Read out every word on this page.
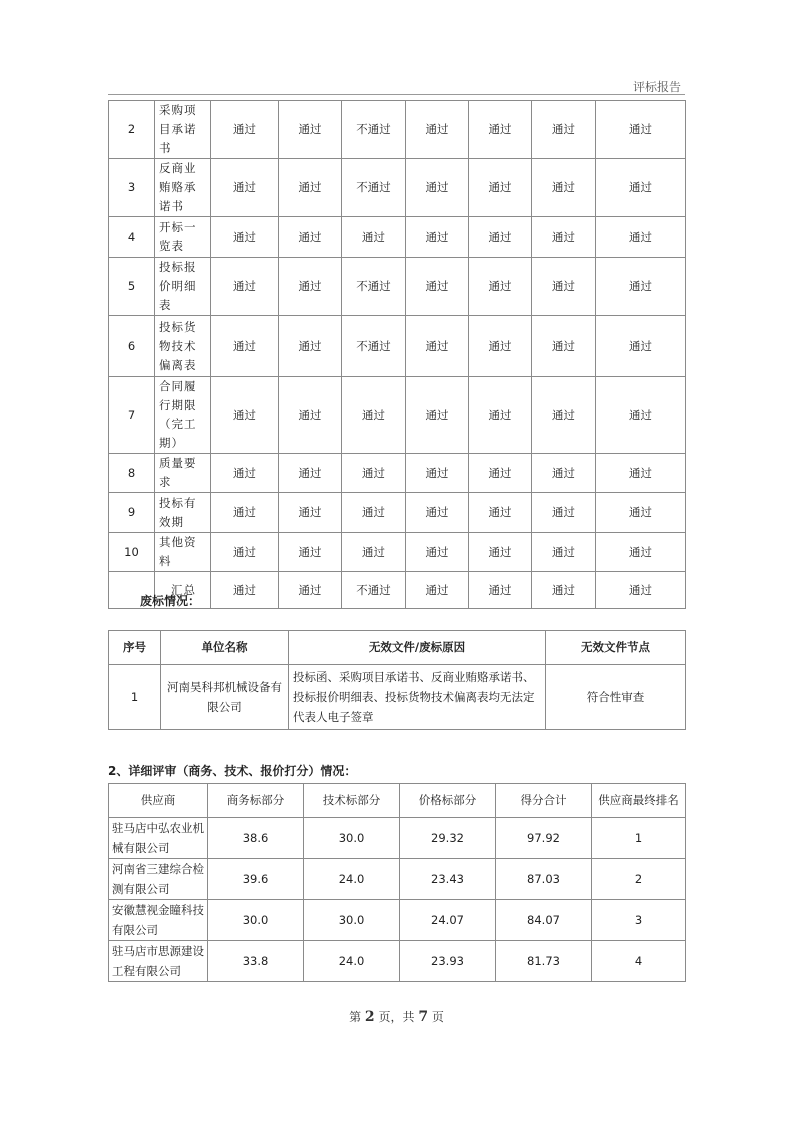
评标报告
2	采购项目承诺书	通过	通过	不通过	通过	通过	通过	通过
3	反商业贿赂承诺书	通过	通过	不通过	通过	通过	通过	通过
4	开标一览表	通过	通过	通过	通过	通过	通过	通过
5	投标报价明细表	通过	通过	不通过	通过	通过	通过	通过
6	投标货物技术偏离表	通过	通过	不通过	通过	通过	通过	通过
7	合同履行期限（完工期）	通过	通过	通过	通过	通过	通过	通过
8	质量要求	通过	通过	通过	通过	通过	通过	通过
9	投标有效期	通过	通过	通过	通过	通过	通过	通过
10	其他资料	通过	通过	通过	通过	通过	通过	通过
	汇总	通过	通过	不通过	通过	通过	通过	通过
废标情况：
序号	单位名称	无效文件/废标原因	无效文件节点
1	河南昊科邦机械设备有限公司	投标函、采购项目承诺书、反商业贿赂承诺书、投标报价明细表、投标货物技术偏离表均无法定代表人电子签章	符合性审查
2、详细评审（商务、技术、报价打分）情况：
供应商	商务标部分	技术标部分	价格标部分	得分合计	供应商最终排名
驻马店中弘农业机械有限公司	38.6	30.0	29.32	97.92	1
河南省三建综合检测有限公司	39.6	24.0	23.43	87.03	2
安徽慧视金瞳科技有限公司	30.0	30.0	24.07	84.07	3
驻马店市思源建设工程有限公司	33.8	24.0	23.93	81.73	4
第 2 页，共 7 页
